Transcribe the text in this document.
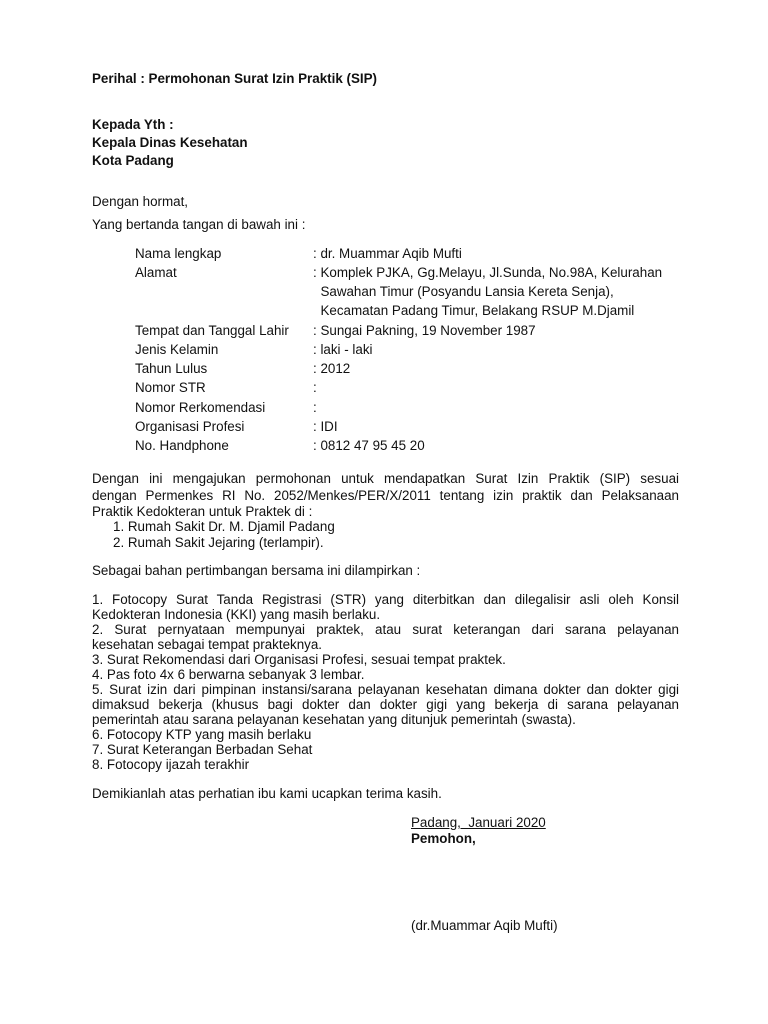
Perihal : Permohonan Surat Izin Praktik (SIP)
Kepada Yth :
Kepala Dinas Kesehatan
Kota Padang
Dengan hormat,
Yang bertanda tangan di bawah ini :
Nama lengkap	: dr. Muammar Aqib Mufti
Alamat	: Komplek PJKA, Gg.Melayu, Jl.Sunda, No.98A, Kelurahan
Sawahan Timur (Posyandu Lansia Kereta Senja),
Kecamatan Padang Timur, Belakang RSUP M.Djamil
Tempat dan Tanggal Lahir : Sungai Pakning, 19 November 1987
Jenis Kelamin	: laki - laki
Tahun Lulus	: 2012
Nomor STR	:
Nomor Rerkomendasi	:
Organisasi Profesi	: IDI
No. Handphone	: 0812 47 95 45 20
Dengan ini mengajukan permohonan untuk mendapatkan Surat Izin Praktik (SIP) sesuai
dengan Permenkes RI No. 2052/Menkes/PER/X/2011 tentang izin praktik dan Pelaksanaan
Praktik Kedokteran untuk Praktek di :
1. Rumah Sakit Dr. M. Djamil Padang
2. Rumah Sakit Jejaring (terlampir).
Sebagai bahan pertimbangan bersama ini dilampirkan :
1. Fotocopy Surat Tanda Registrasi (STR) yang diterbitkan dan dilegalisir asli oleh Konsil
Kedokteran Indonesia (KKI) yang masih berlaku.
2. Surat pernyataan mempunyai praktek, atau surat keterangan dari sarana pelayanan
kesehatan sebagai tempat prakteknya.
3. Surat Rekomendasi dari Organisasi Profesi, sesuai tempat praktek.
4. Pas foto 4x 6 berwarna sebanyak 3 lembar.
5. Surat izin dari pimpinan instansi/sarana pelayanan kesehatan dimana dokter dan dokter gigi
dimaksud bekerja (khusus bagi dokter dan dokter gigi yang bekerja di sarana pelayanan
pemerintah atau sarana pelayanan kesehatan yang ditunjuk pemerintah (swasta).
6. Fotocopy KTP yang masih berlaku
7. Surat Keterangan Berbadan Sehat
8. Fotocopy ijazah terakhir
Demikianlah atas perhatian ibu kami ucapkan terima kasih.
Padang,  Januari 2020
Pemohon,
(dr.Muammar Aqib Mufti)
